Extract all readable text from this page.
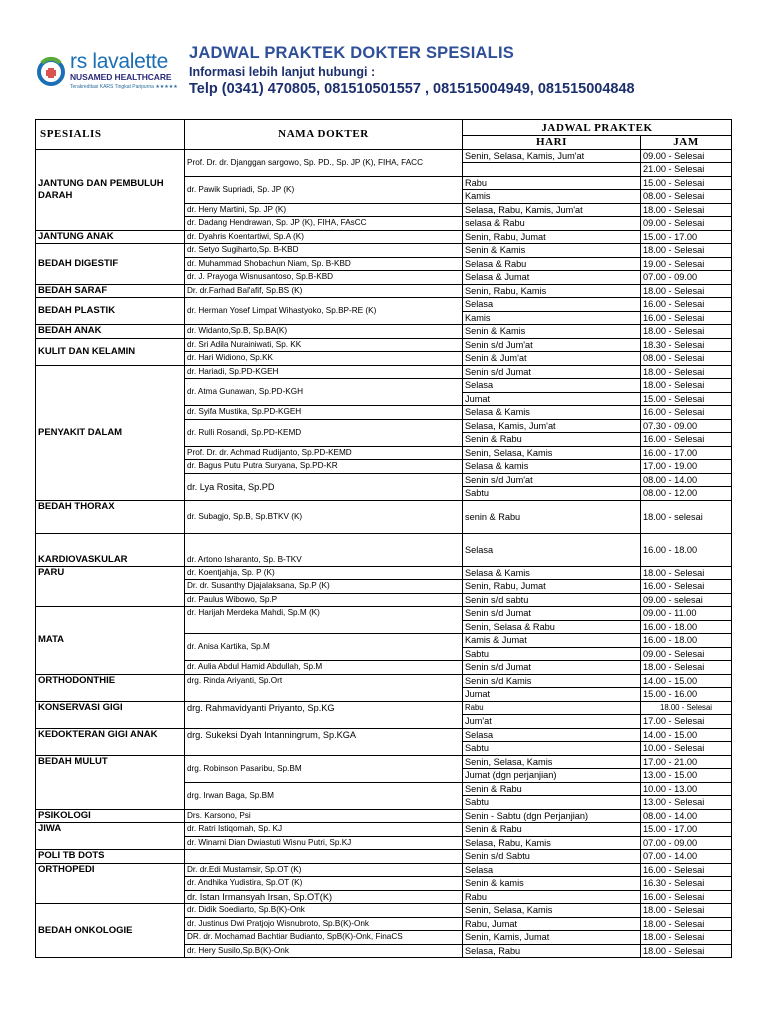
rs lavalette
NUSAMED HEALTHCARE
Terakreditasi KARS Tingkat Paripurna ★★★★★
JADWAL PRAKTEK DOKTER SPESIALIS
Informasi lebih lanjut hubungi :
Telp (0341) 470805, 081510501557 , 081515004949, 081515004848
SPESIALIS	NAMA DOKTER	JADWAL PRAKTEK	
		HARI	JAM
JANTUNG DAN PEMBULUH DARAH	Prof. Dr. dr. Djanggan sargowo, Sp. PD., Sp. JP (K), FIHA, FACC	Senin, Selasa, Kamis, Jum'at	09.00 - Selesai
			21.00 - Selesai
	dr. Pawik Supriadi, Sp. JP (K)	Rabu	15.00 - Selesai
		Kamis	08.00 - Selesai
	dr. Heny Martini, Sp. JP (K)	Selasa, Rabu, Kamis, Jum'at	18.00 - Selesai
	dr. Dadang Hendrawan, Sp. JP (K), FIHA, FAsCC	selasa & Rabu	09.00 - Selesai
JANTUNG ANAK	dr. Dyahris Koentartiwi, Sp.A (K)	Senin, Rabu, Jumat	15.00 - 17.00
BEDAH DIGESTIF	dr. Setyo Sugiharto,Sp. B-KBD	Senin & Kamis	18.00 - Selesai
	dr. Muhammad Shobachun Niam, Sp. B-KBD	Selasa & Rabu	19.00 - Selesai
	dr. J. Prayoga Wisnusantoso, Sp.B-KBD	Selasa & Jumat	07.00 - 09.00
BEDAH SARAF	Dr. dr.Farhad Bal'afif, Sp.BS (K)	Senin, Rabu, Kamis	18.00 - Selesai
BEDAH PLASTIK	dr. Herman Yosef Limpat Wihastyoko, Sp.BP-RE (K)	Selasa	16.00 - Selesai
		Kamis	16.00 - Selesai
BEDAH ANAK	dr. Widanto,Sp.B, Sp.BA(K)	Senin & Kamis	18.00 - Selesai
KULIT DAN KELAMIN	dr. Sri Adila Nurainiwati, Sp. KK	Senin s/d Jum'at	18.30 - Selesai
	dr. Hari Widiono, Sp.KK	Senin & Jum'at	08.00 - Selesai
PENYAKIT DALAM	dr. Hariadi, Sp.PD-KGEH	Senin s/d Jumat	18.00 - Selesai
	dr. Atma Gunawan, Sp.PD-KGH	Selasa	18.00 - Selesai
		Jumat	15.00 - Selesai
	dr. Syifa Mustika, Sp.PD-KGEH	Selasa & Kamis	16.00 - Selesai
	dr. Rulli Rosandi, Sp.PD-KEMD	Selasa, Kamis, Jum'at	07.30 - 09.00
		Senin & Rabu	16.00 - Selesai
	Prof. Dr. dr. Achmad Rudijanto, Sp.PD-KEMD	Senin, Selasa, Kamis	16.00 - 17.00
	dr. Bagus Putu Putra Suryana, Sp.PD-KR	Selasa & kamis	17.00 - 19.00
	dr. Lya Rosita, Sp.PD	Senin s/d Jum'at	08.00 - 14.00
		Sabtu	08.00 - 12.00
BEDAH THORAX	dr. Subagjo, Sp.B, Sp.BTKV (K)	senin & Rabu	18.00 - selesai
KARDIOVASKULAR	dr. Artono Isharanto, Sp. B-TKV	Selasa	16.00 - 18.00
PARU	dr. Koentjahja, Sp. P (K)	Selasa & Kamis	18.00 - Selesai
	Dr. dr. Susanthy Djajalaksana, Sp.P (K)	Senin, Rabu, Jumat	16.00 - Selesai
	dr. Paulus Wibowo, Sp.P	Senin s/d sabtu	09.00 - selesai
MATA	dr. Harijah Merdeka Mahdi, Sp.M (K)	Senin s/d Jumat	09.00 - 11.00
		Senin, Selasa & Rabu	16.00 - 18.00
	dr. Anisa Kartika, Sp.M	Kamis & Jumat	16.00 - 18.00
		Sabtu	09.00 - Selesai
	dr. Aulia Abdul Hamid Abdullah, Sp.M	Senin s/d Jumat	18.00 - Selesai
ORTHODONTHIE	drg. Rinda Ariyanti, Sp.Ort	Senin s/d Kamis	14.00 - 15.00
		Jumat	15.00 - 16.00
KONSERVASI GIGI	drg. Rahmavidyanti Priyanto, Sp.KG	Rabu	18.00 - Selesai
		Jum'at	17.00 - Selesai
KEDOKTERAN GIGI ANAK	drg. Sukeksi Dyah Intanningrum, Sp.KGA	Selasa	14.00 - 15.00
		Sabtu	10.00 - Selesai
BEDAH MULUT	drg. Robinson Pasaribu, Sp.BM	Senin, Selasa, Kamis	17.00 - 21.00
		Jumat (dgn perjanjian)	13.00 - 15.00
	drg. Irwan Baga, Sp.BM	Senin & Rabu	10.00 - 13.00
		Sabtu	13.00 - Selesai
PSIKOLOGI	Drs. Karsono, Psi	Senin - Sabtu (dgn Perjanjian)	08.00 - 14.00
JIWA	dr. Ratri Istiqomah, Sp. KJ	Senin & Rabu	15.00 - 17.00
	dr. Winarni Dian Dwiastuti Wisnu Putri, Sp.KJ	Selasa, Rabu, Kamis	07.00 - 09.00
POLI TB DOTS		Senin s/d Sabtu	07.00 - 14.00
ORTHOPEDI	Dr. dr.Edi Mustamsir, Sp.OT (K)	Selasa	16.00 - Selesai
	dr. Andhika Yudistira, Sp.OT (K)	Senin & kamis	16.30 - Selesai
	dr. Istan Irmansyah Irsan, Sp.OT(K)	Rabu	16.00 - Selesai
BEDAH ONKOLOGIE	dr. Didik Soediarto, Sp.B(K)-Onk	Senin, Selasa, Kamis	18.00 - Selesai
	dr. Justinus Dwi Pratjojo Wisnubroto, Sp.B(K)-Onk	Rabu, Jumat	18.00 - Selesai
	DR. dr. Mochamad Bachtiar Budianto, SpB(K)-Onk, FinaCS	Senin, Kamis, Jumat	18.00 - Selesai
	dr. Hery Susilo,Sp.B(K)-Onk	Selasa, Rabu	18.00 - Selesai
